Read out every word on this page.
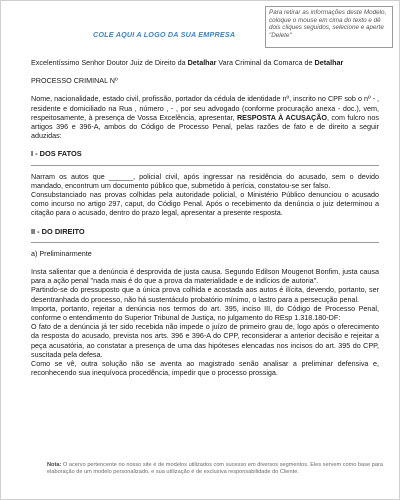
COLE AQUI A LOGO DA SUA EMPRESA
Para retirar as informações deste Modelo, coloque o mouse em cima do texto e dê dois cliques seguidos, selecione e aperte "Delete"

Excelentíssimo Senhor Doutor Juiz de Direito da Detalhar Vara Criminal da Comarca de Detalhar

PROCESSO CRIMINAL Nº

Nome, nacionalidade, estado civil, profissão, portador da cédula de identidade nº, inscrito no CPF sob o nº - , residente e domiciliado na Rua , número , - , por seu advogado (conforme procuração anexa - doc.), vem, respeitosamente, à presença de Vossa Excelência, apresentar, RESPOSTA À ACUSAÇÃO, com fulcro nos artigos 396 e 396-A, ambos do Código de Processo Penal, pelas razões de fato e de direito a seguir aduzidas:

I - DOS FATOS

Narram os autos que ______, policial civil, após ingressar na residência do acusado, sem o devido mandado, encontrum um documento público que, submetido à perícia, constatou-se ser falso.

Consubstanciado nas provas colhidas pela autoridade policial, o Ministério Público denunciou o acusado como incurso no artigo 297, caput, do Código Penal. Após o recebimento da denúncia o juiz determinou a citação para o acusado, dentro do prazo legal, apresentar a presente resposta.

II - DO DIREITO

a) Preliminarmente

Insta salientar que a denúncia é desprovida de justa causa. Segundo Edilson Mougenot Bonfim, justa causa para a ação penal "nada mais é do que a prova da materialidade e de indícios de autoria".

Partindo-se do pressuposto que a única prova colhida e acostada aos autos é ilícita, devendo, portanto, ser desentranhada do processo, não há sustentáculo probatório mínimo, o lastro para a persecução penal.

Importa, portanto, rejeitar a denúncia nos termos do art. 395, inciso III, do Código de Processo Penal, conforme o entendimento do Superior Tribunal de Justiça, no julgamento do REsp 1.318.180-DF:

O fato de a denúncia já ter sido recebida não impede o juízo de primeiro grau de, logo após o oferecimento da resposta do acusado, prevista nos arts. 396 e 396-A do CPP, reconsiderar a anterior decisão e rejeitar a peça acusatória, ao constatar a presença de uma das hipóteses elencadas nos incisos do art. 395 do CPP, suscitada pela defesa.

Como se vê, outra solução não se aventa ao magistrado senão analisar a preliminar defensiva e, reconhecendo sua inequívoca procedência, impedir que o processo prossiga.

Nota: O acervo pertencente no nosso site é de modelos utilizados com sucesso em diversos segmentos. Eles servem como base para elaboração de um modelo personalizado, e sua utilização é de exclusiva responsabilidade do Cliente.
